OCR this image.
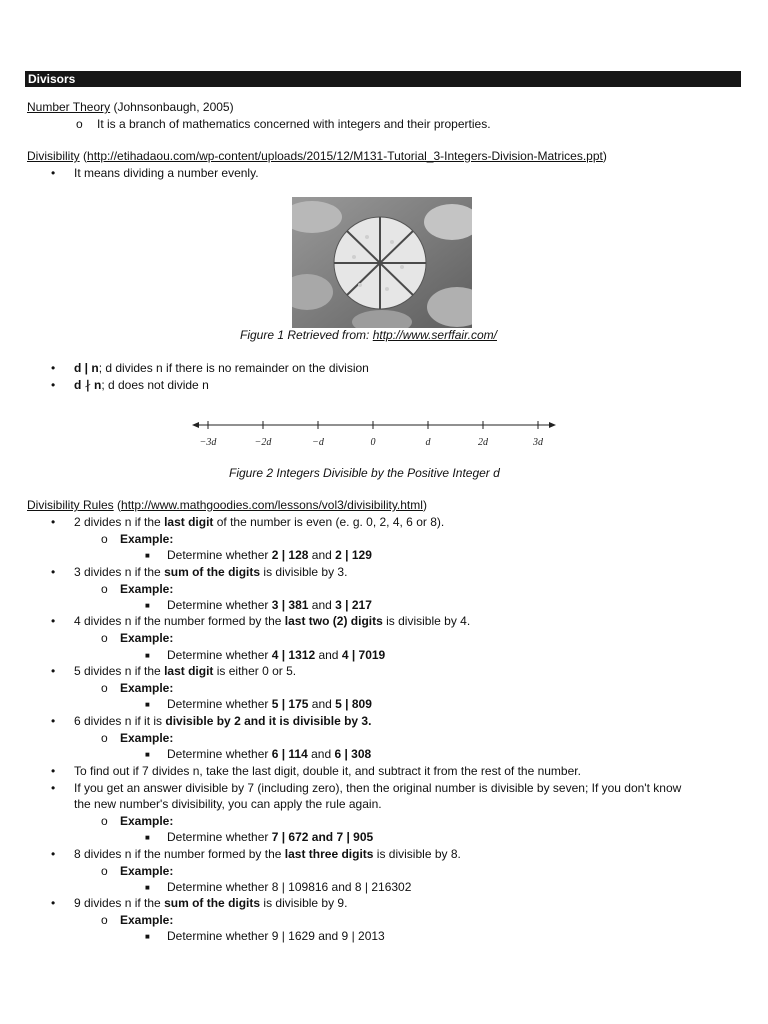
Divisors
Number Theory (Johnsonbaugh, 2005)
o It is a branch of mathematics concerned with integers and their properties.
Divisibility (http://etihadaou.com/wp-content/uploads/2015/12/M131-Tutorial_3-Integers-Division-Matrices.ppt)
• It means dividing a number evenly.
Figure 1 Retrieved from: http://www.serffair.com/
• d | n; d divides n if there is no remainder on the division
• d ∤ n; d does not divide n
−3d	−2d	−d	0	d	2d	3d
Figure 2 Integers Divisible by the Positive Integer d
Divisibility Rules (http://www.mathgoodies.com/lessons/vol3/divisibility.html)
• 2 divides n if the last digit of the number is even (e. g. 0, 2, 4, 6 or 8).
o Example:
■ Determine whether 2 | 128 and 2 | 129
• 3 divides n if the sum of the digits is divisible by 3.
o Example:
■ Determine whether 3 | 381 and 3 | 217
• 4 divides n if the number formed by the last two (2) digits is divisible by 4.
o Example:
■ Determine whether 4 | 1312 and 4 | 7019
• 5 divides n if the last digit is either 0 or 5.
o Example:
■ Determine whether 5 | 175 and 5 | 809
• 6 divides n if it is divisible by 2 and it is divisible by 3.
o Example:
■ Determine whether 6 | 114 and 6 | 308
• To find out if 7 divides n, take the last digit, double it, and subtract it from the rest of the number.
• If you get an answer divisible by 7 (including zero), then the original number is divisible by seven; If you don't know
the new number's divisibility, you can apply the rule again.
o Example:
■ Determine whether 7 | 672 and 7 | 905
• 8 divides n if the number formed by the last three digits is divisible by 8.
o Example:
■ Determine whether 8 | 109816 and 8 | 216302
• 9 divides n if the sum of the digits is divisible by 9.
o Example:
■ Determine whether 9 | 1629 and 9 | 2013
